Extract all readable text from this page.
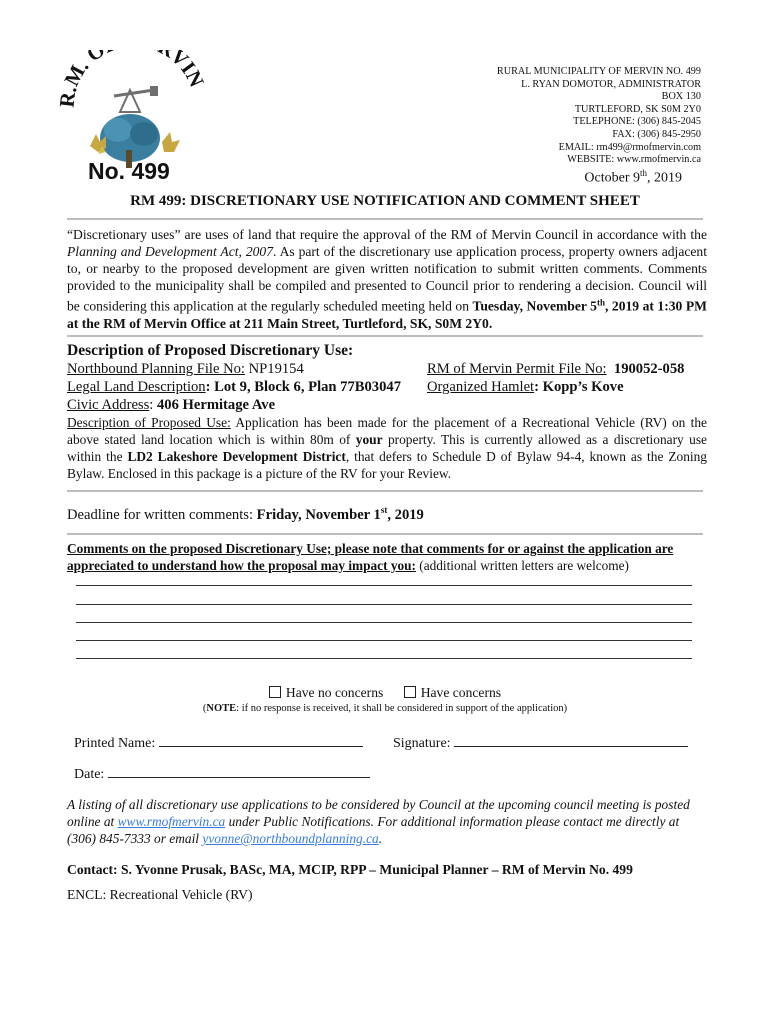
.M. O VIN
No. 499
RURAL MUNICIPALITY OF MERVIN NO. 499
L. RYAN DOMOTOR, ADMINISTRATOR
BOX 130
TURTLEFORD, SK S0M 2Y0
TELEPHONE: (306) 845-2045
FAX: (306) 845-2950
EMAIL: rm499@rmofmervin.com
WEBSITE: www.rmofmervin.ca
October 9th, 2019
RM 499: DISCRETIONARY USE NOTIFICATION AND COMMENT SHEET
“Discretionary uses” are uses of land that require the approval of the RM of Mervin Council in accordance with the Planning and Development Act, 2007. As part of the discretionary use application process, property owners adjacent to, or nearby to the proposed development are given written notification to submit written comments. Comments provided to the municipality shall be compiled and presented to Council prior to rendering a decision. Council will be considering this application at the regularly scheduled meeting held on Tuesday, November 5th, 2019 at 1:30 PM at the RM of Mervin Office at 211 Main Street, Turtleford, SK, S0M 2Y0.
Description of Proposed Discretionary Use:
Northbound Planning File No: NP19154	RM of Mervin Permit File No: 190052-058
Legal Land Description: Lot 9, Block 6, Plan 77B03047 Organized Hamlet: Kopp’s Kove
Civic Address: 406 Hermitage Ave
Description of Proposed Use: Application has been made for the placement of a Recreational Vehicle (RV) on the above stated land location which is within 80m of your property. This is currently allowed as a discretionary use within the LD2 Lakeshore Development District, that defers to Schedule D of Bylaw 94-4, known as the Zoning Bylaw. Enclosed in this package is a picture of the RV for your Review.
Deadline for written comments: Friday, November 1st, 2019
Comments on the proposed Discretionary Use; please note that comments for or against the application are appreciated to understand how the proposal may impact you: (additional written letters are welcome)
Have no concerns	Have concerns
(NOTE: if no response is received, it shall be considered in support of the application)
Printed Name:	Signature:
Date:
A listing of all discretionary use applications to be considered by Council at the upcoming council meeting is posted online at www.rmofmervin.ca under Public Notifications. For additional information please contact me directly at (306) 845-7333 or email yvonne@northboundplanning.ca.
Contact: S. Yvonne Prusak, BASc, MA, MCIP, RPP – Municipal Planner – RM of Mervin No. 499
ENCL: Recreational Vehicle (RV)
